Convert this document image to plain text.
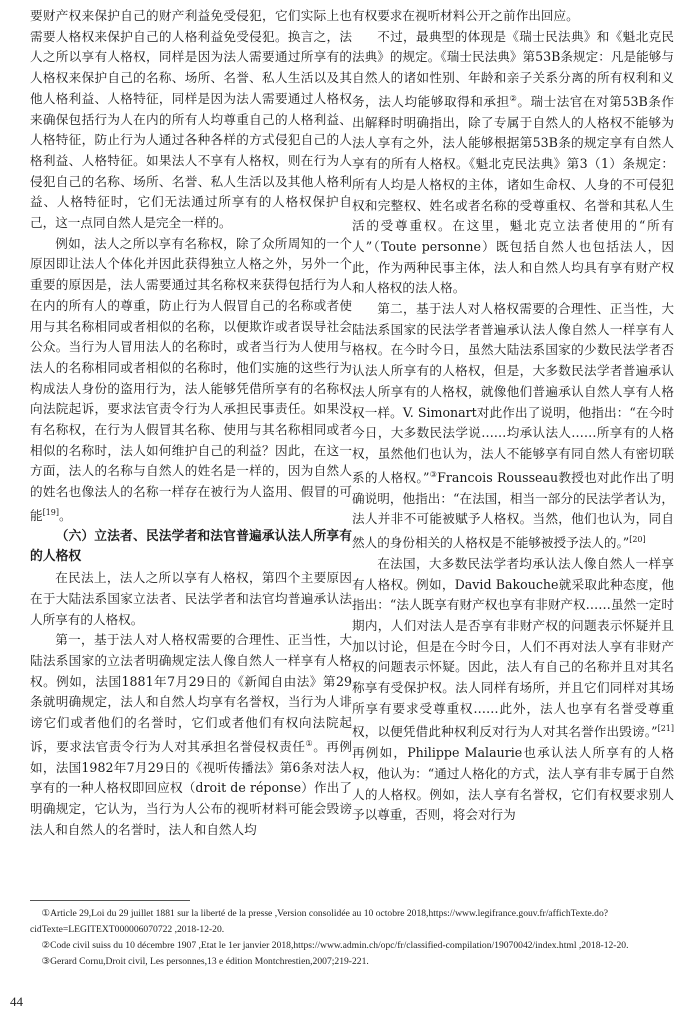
要财产权来保护自己的财产利益免受侵犯，它们实际上也需要人格权来保护自己的人格利益免受侵犯。换言之，法人之所以享有人格权，同样是因为法人需要通过所享有的人格权来保护自己的名称、场所、名誉、私人生活以及其他人格利益、人格特征，同样是因为法人需要通过人格权来确保包括行为人在内的所有人均尊重自己的人格利益、人格特征，防止行为人通过各种各样的方式侵犯自己的人格利益、人格特征。如果法人不享有人格权，则在行为人侵犯自己的名称、场所、名誉、私人生活以及其他人格利益、人格特征时，它们无法通过所享有的人格权保护自己，这一点同自然人是完全一样的。

例如，法人之所以享有名称权，除了众所周知的一个原因即让法人个体化并因此获得独立人格之外，另外一个重要的原因是，法人需要通过其名称权来获得包括行为人在内的所有人的尊重，防止行为人假冒自己的名称或者使用与其名称相同或者相似的名称，以便欺诈或者误导社会公众。当行为人冒用法人的名称时，或者当行为人使用与法人的名称相同或者相似的名称时，他们实施的这些行为构成法人身份的盗用行为，法人能够凭借所享有的名称权向法院起诉，要求法官责令行为人承担民事责任。如果没有名称权，在行为人假冒其名称、使用与其名称相同或者相似的名称时，法人如何维护自己的利益？因此，在这一方面，法人的名称与自然人的姓名是一样的，因为自然人的姓名也像法人的名称一样存在被行为人盗用、假冒的可能[19]。

（六）立法者、民法学者和法官普遍承认法人所享有的人格权

在民法上，法人之所以享有人格权，第四个主要原因在于大陆法系国家立法者、民法学者和法官均普遍承认法人所享有的人格权。

第一，基于法人对人格权需要的合理性、正当性，大陆法系国家的立法者明确规定法人像自然人一样享有人格权。例如，法国1881年7月29日的《新闻自由法》第29条就明确规定，法人和自然人均享有名誉权，当行为人诽谤它们或者他们的名誉时，它们或者他们有权向法院起诉，要求法官责令行为人对其承担名誉侵权责任①。再例如，法国1982年7月29日的《视听传播法》第6条对法人享有的一种人格权即回应权（droit de réponse）作出了明确规定，它认为，当行为人公布的视听材料可能会毁谤法人和自然人的名誉时，法人和自然人均

有权要求在视听材料公开之前作出回应。

不过，最典型的体现是《瑞士民法典》和《魁北克民法典》的规定。《瑞士民法典》第53B条规定：凡是能够与自然人的诸如性别、年龄和亲子关系分离的所有权利和义务，法人均能够取得和承担②。瑞士法官在对第53B条作出解释时明确指出，除了专属于自然人的人格权不能够为法人享有之外，法人能够根据第53B条的规定享有自然人享有的所有人格权。《魁北克民法典》第3（1）条规定：所有人均是人格权的主体，诸如生命权、人身的不可侵犯权和完整权、姓名或者名称的受尊重权、名誉和其私人生活的受尊重权。在这里，魁北克立法者使用的“所有人”（Toute personne）既包括自然人也包括法人，因此，作为两种民事主体，法人和自然人均具有享有财产权和人格权的法人格。

第二，基于法人对人格权需要的合理性、正当性，大陆法系国家的民法学者普遍承认法人像自然人一样享有人格权。在今时今日，虽然大陆法系国家的少数民法学者否认法人所享有的人格权，但是，大多数民法学者普遍承认法人所享有的人格权，就像他们普遍承认自然人享有人格权一样。V. Simonart对此作出了说明，他指出：“在今时今日，大多数民法学说……均承认法人……所享有的人格权，虽然他们也认为，法人不能够享有同自然人有密切联系的人格权。”③Francois Rousseau教授也对此作出了明确说明，他指出：“在法国，相当一部分的民法学者认为，法人并非不可能被赋予人格权。当然，他们也认为，同自然人的身份相关的人格权是不能够被授予法人的。”[20]

在法国，大多数民法学者均承认法人像自然人一样享有人格权。例如，David Bakouche就采取此种态度，他指出：“法人既享有财产权也享有非财产权……虽然一定时期内，人们对法人是否享有非财产权的问题表示怀疑并且加以讨论，但是在今时今日，人们不再对法人享有非财产权的问题表示怀疑。因此，法人有自己的名称并且对其名称享有受保护权。法人同样有场所，并且它们同样对其场所享有要求受尊重权……此外，法人也享有名誉受尊重权，以便凭借此种权利反对行为人对其名誉作出毁谤。”[21]再例如，Philippe Malaurie也承认法人所享有的人格权，他认为：“通过人格化的方式，法人享有非专属于自然人的人格权。例如，法人享有名誉权，它们有权要求别人予以尊重，否则，将会对行为

①Article 29,Loi du 29 juillet 1881 sur la liberté de la presse ,Version consolidée au 10 octobre 2018,https://www.legifrance.gouv.fr/affichTexte.do?cidTexte=LEGITEXT000006070722 ,2018-12-20.

②Code civil suiss du 10 décembre 1907 ,Etat le 1er janvier 2018,https://www.admin.ch/opc/fr/classified-compilation/19070042/index.html ,2018-12-20.

③Gerard Cornu,Droit civil, Les personnes,13 e édition Montchrestien,2007;219-221.

44
